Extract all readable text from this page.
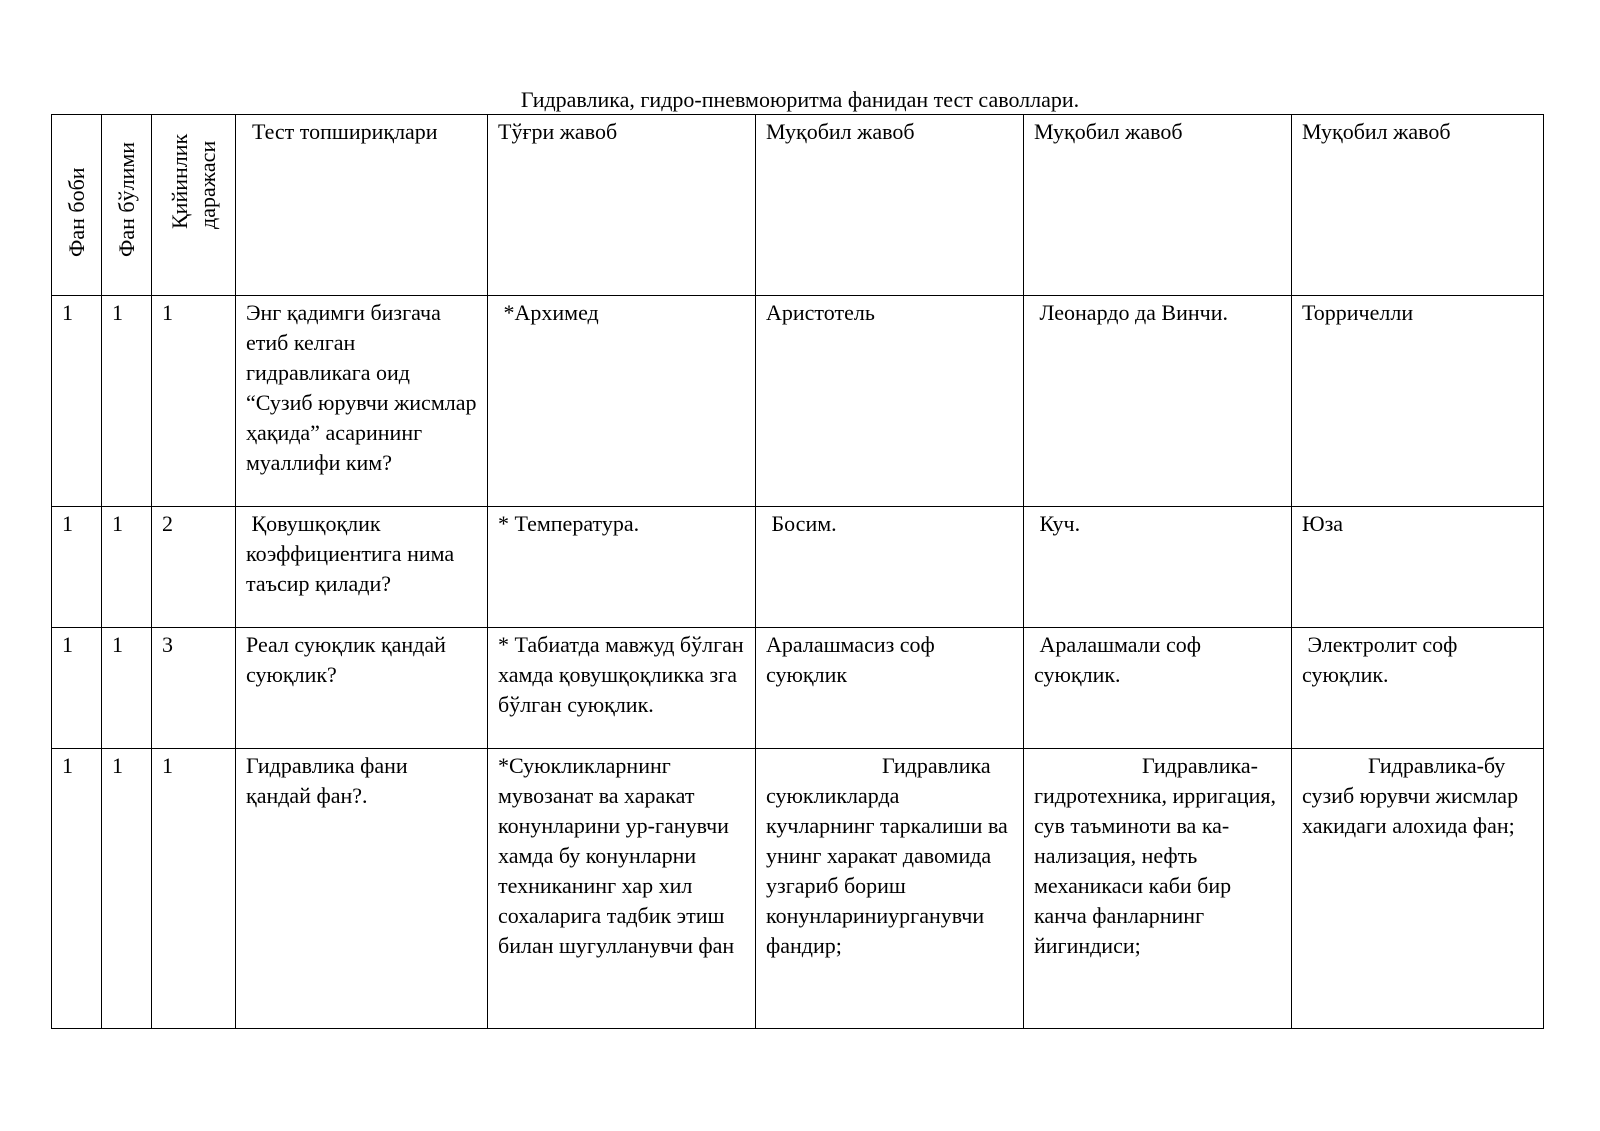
Гидравлика, гидро-пневмоюритма фанидан тест саволлари.
Фан боби	Фан бўлими	Қийинлик даражаси	Тест топшириқлари	Тўғри жавоб	Муқобил жавоб	Муқобил жавоб	Муқобил жавоб
1	1	1	Энг қадимги бизгача етиб келган гидравликага оид “Сузиб юрувчи жисмлар ҳақида” асарининг муаллифи ким?	*Архимед	Аристотель	Леонардо да Винчи.	Торричелли
1	1	2	Қовушқоқлик коэффициентига нима таъсир қилади?	* Температура.	Босим.	Куч.	Юза
1	1	3	Реал суюқлик қандай суюқлик?	* Табиатда мавжуд бўлган хамда қовушқоқликка зга бўлган суюқлик.	Аралашмасиз соф суюқлик	Аралашмали соф суюқлик.	Электролит соф суюқлик.
1	1	1	Гидравлика фани қандай фан?.	*Суюкликларнинг мувозанат ва харакат конунларини ур-ганувчи хамда бу конунларни техниканинг хар хил сохаларига тадбик этиш билан шугулланувчи фан	Гидравлика суюкликларда кучларнинг таркалиши ва унинг харакат давомида узгариб бориш конунлариниурганувчи фандир;	Гидравлика-гидротехника, ирригация, сув таъминоти ва ка-нализация, нефть механикаси каби бир канча фанларнинг йигиндиси;	Гидравлика-бу сузиб юрувчи жисмлар хакидаги алохида фан;
